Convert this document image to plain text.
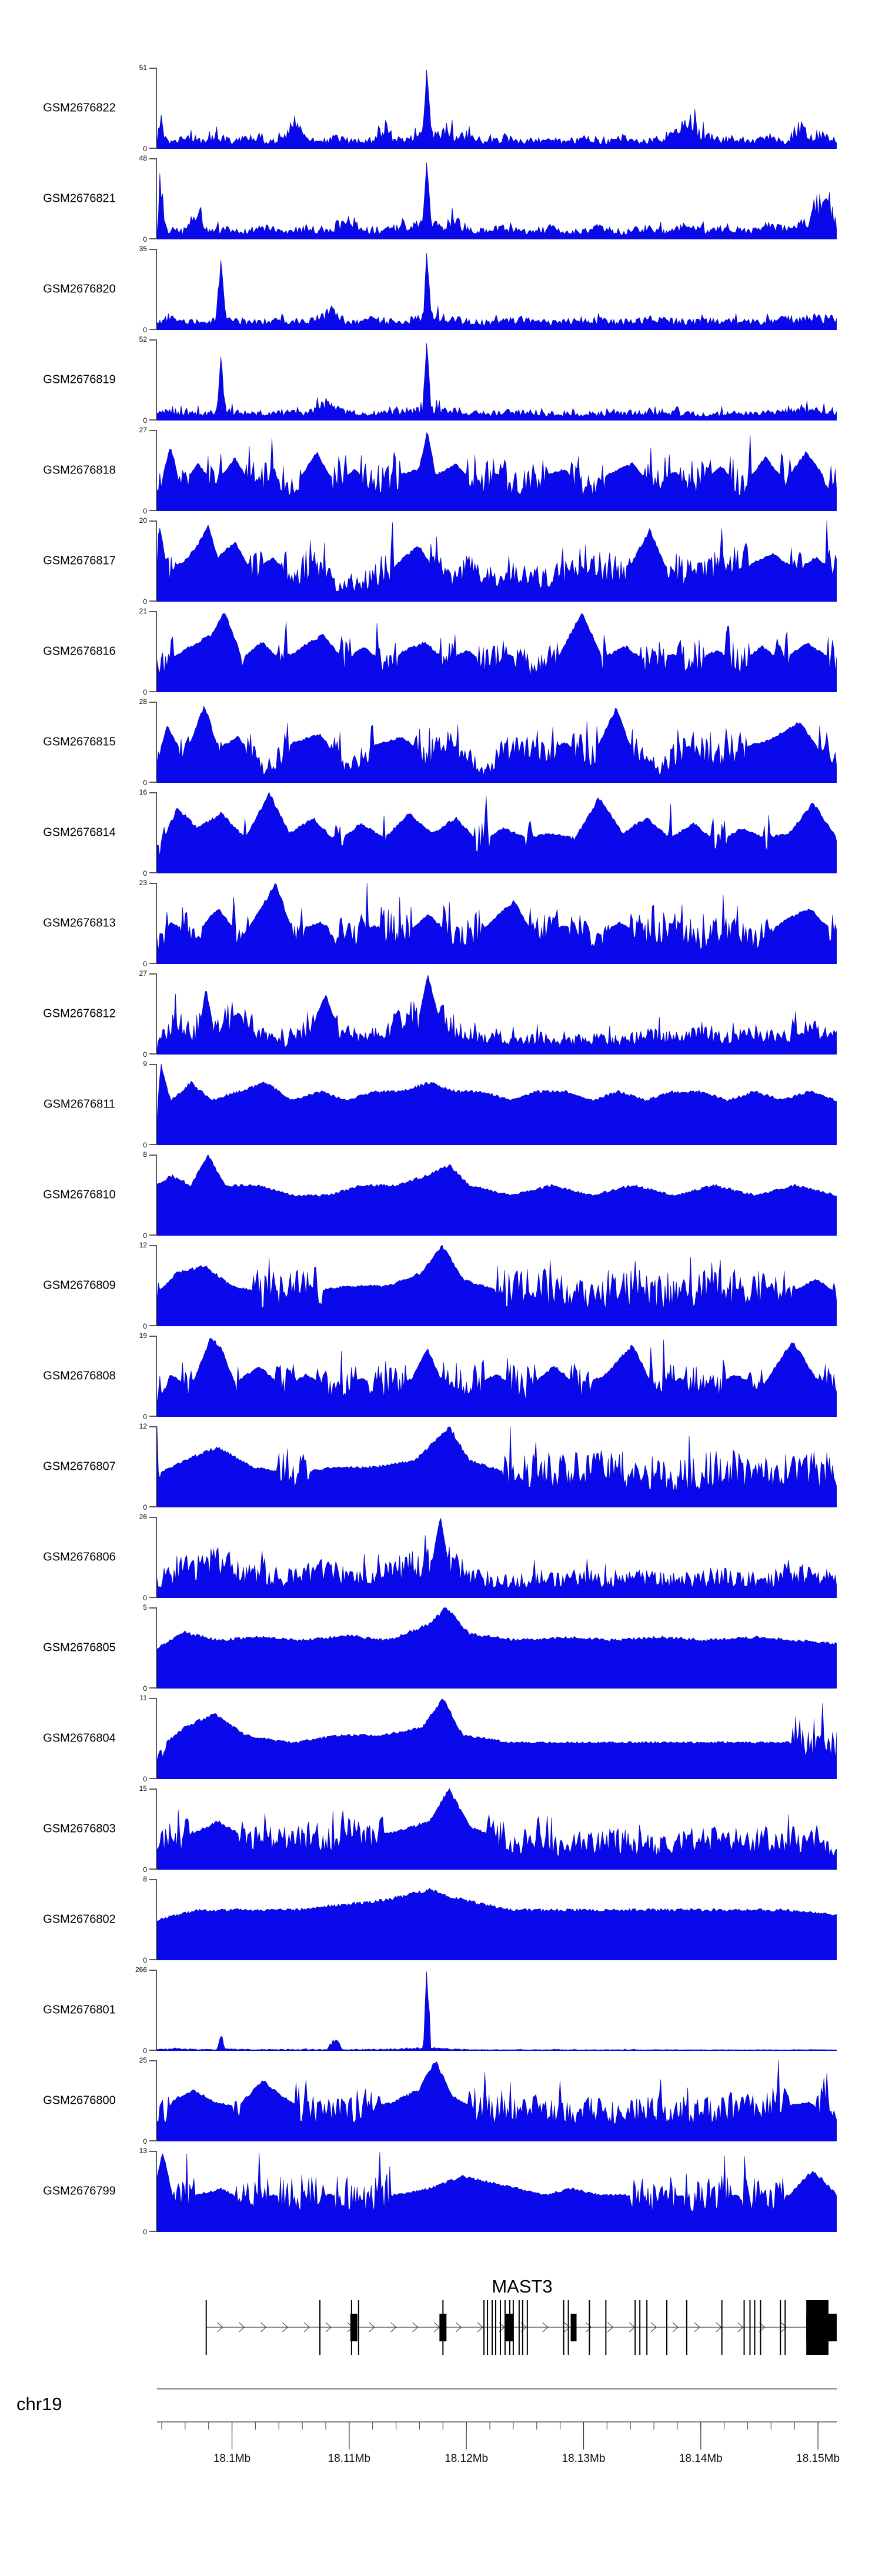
GSM2676822
51
0
GSM2676821
48
0
GSM2676820
35
0
GSM2676819
52
0
GSM2676818
27
0
GSM2676817
20
0
GSM2676816
21
0
GSM2676815
28
0
GSM2676814
16
0
GSM2676813
23
0
GSM2676812
27
0
GSM2676811
9
0
GSM2676810
8
0
GSM2676809
12
0
GSM2676808
19
0
GSM2676807
12
0
GSM2676806
26
0
GSM2676805
5
0
GSM2676804
11
0
GSM2676803
15
0
GSM2676802
8
0
GSM2676801
266
0
GSM2676800
25
0
GSM2676799
13
0
MAST3
chr19
18.1Mb	18.11Mb	18.12Mb	18.13Mb	18.14Mb	18.15Mb
